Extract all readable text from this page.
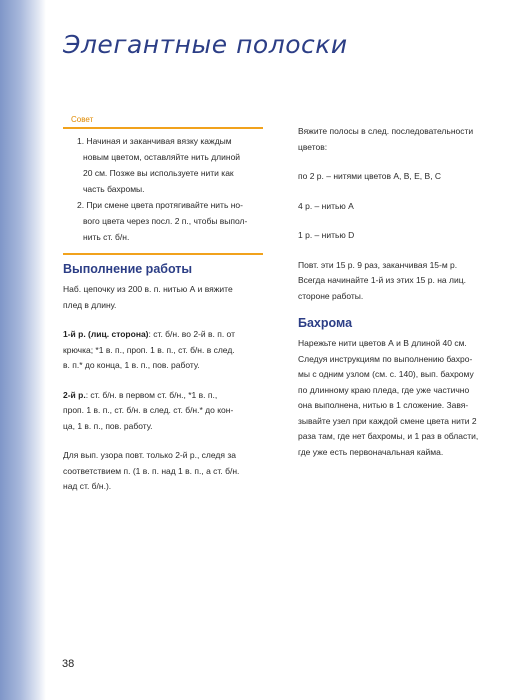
Элегантные полоски
Совет

1. Начиная и заканчивая вязку каждым

новым цветом, оставляйте нить длиной

20 см. Позже вы используете нити как

часть бахромы.

2. При смене цвета протягивайте нить но-

вого цвета через посл. 2 п., чтобы выпол-

нить ст. б/н.

Выполнение работы
Наб. цепочку из 200 в. п. нитью А и вяжите
плед в длину.
1-й р. (лиц. сторона): ст. б/н. во 2-й в. п. от
крючка; *1 в. п., проп. 1 в. п., ст. б/н. в след.
в. п.* до конца, 1 в. п., пов. работу.
2-й р.: ст. б/н. в первом ст. б/н., *1 в. п.,
проп. 1 в. п., ст. б/н. в след. ст. б/н.* до кон-
ца, 1 в. п., пов. работу.
Для вып. узора повт. только 2-й р., следя за
соответствием п. (1 в. п. над 1 в. п., а ст. б/н.
над ст. б/н.).
Вяжите полосы в след. последовательности
цветов:
по 2 р. – нитями цветов А, В, Е, В, С
4 р. – нитью А
1 р. – нитью D
Повт. эти 15 р. 9 раз, заканчивая 15-м р.
Всегда начинайте 1-й из этих 15 р. на лиц.
стороне работы.
Бахрома
Нарежьте нити цветов А и В длиной 40 см.
Следуя инструкциям по выполнению бахро-
мы с одним узлом (см. с. 140), вып. бахрому
по длинному краю пледа, где уже частично
она выполнена, нитью в 1 сложение. Завя-
зывайте узел при каждой смене цвета нити 2
раза там, где нет бахромы, и 1 раз в области,
где уже есть первоначальная кайма.
38
